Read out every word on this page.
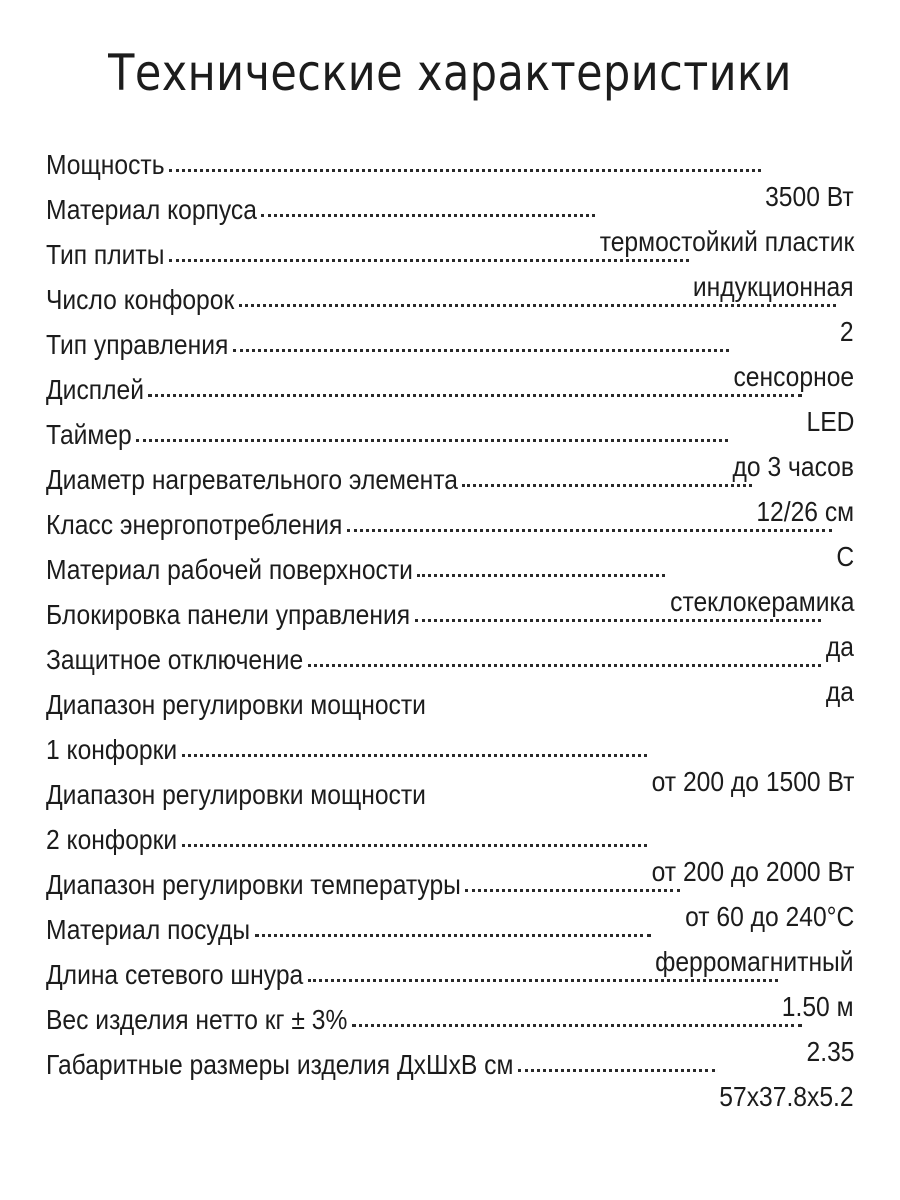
Технические характеристики
Мощность
3500 Вт
Материал корпуса
термостойкий пластик
Тип плиты
индукционная
Число конфорок
2
Тип управления
сенсорное
Дисплей
LED
Таймер
до 3 часов
Диаметр нагревательного элемента
12/26 см
Класс энергопотребления
С
Материал рабочей поверхности
стеклокерамика
Блокировка панели управления
да
Защитное отключение
да
Диапазон регулировки мощности
1 конфорки
от 200 до 1500 Вт
Диапазон регулировки мощности
2 конфорки
от 200 до 2000 Вт
Диапазон регулировки температуры
от 60 до 240°С
Материал посуды
ферромагнитный
Длина сетевого шнура
1.50 м
Вес изделия нетто кг ± 3%
2.35
Габаритные размеры изделия ДхШхВ см
57x37.8x5.2
